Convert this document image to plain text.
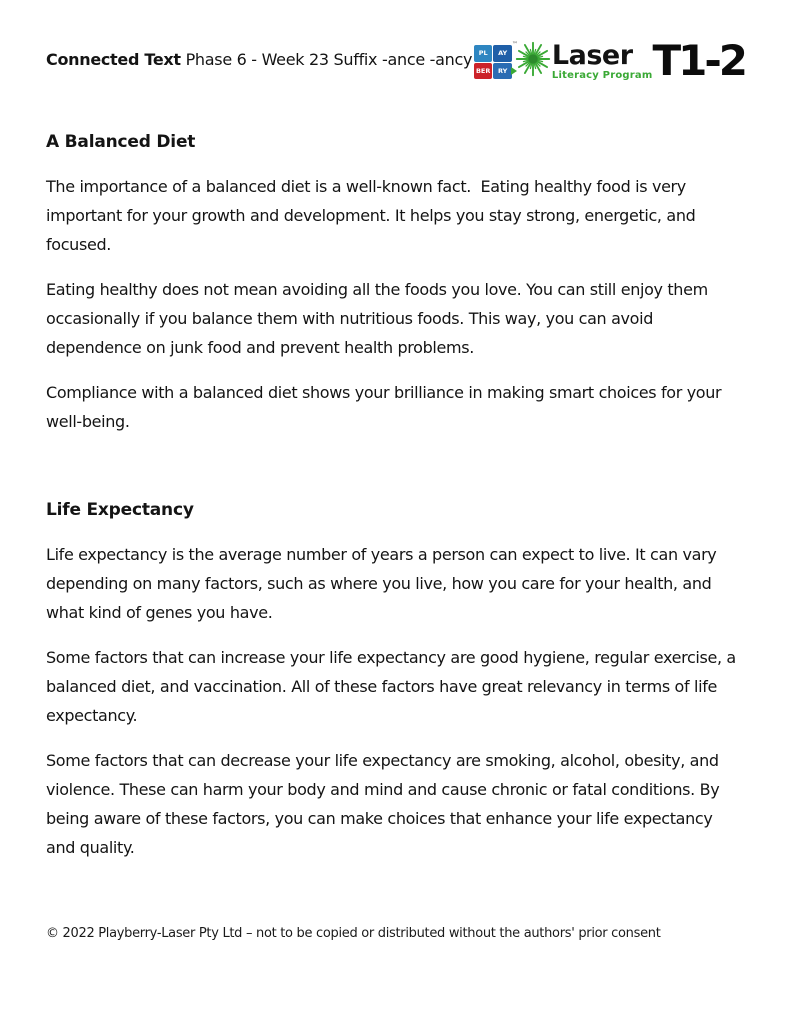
Connected Text Phase 6 - Week 23 Suffix -ance -ancy	PL	AY
BER	RY
™ Laser
Literacy Program T1-2
A Balanced Diet

The importance of a balanced diet is a well-known fact.  Eating healthy food is very important for your growth and development. It helps you stay strong, energetic, and focused.

Eating healthy does not mean avoiding all the foods you love. You can still enjoy them occasionally if you balance them with nutritious foods. This way, you can avoid dependence on junk food and prevent health problems.

Compliance with a balanced diet shows your brilliance in making smart choices for your well-being.

Life Expectancy

Life expectancy is the average number of years a person can expect to live. It can vary depending on many factors, such as where you live, how you care for your health, and what kind of genes you have.

Some factors that can increase your life expectancy are good hygiene, regular exercise, a balanced diet, and vaccination. All of these factors have great relevancy in terms of life expectancy.

Some factors that can decrease your life expectancy are smoking, alcohol, obesity, and violence. These can harm your body and mind and cause chronic or fatal conditions. By being aware of these factors, you can make choices that enhance your life expectancy and quality.

© 2022 Playberry-Laser Pty Ltd – not to be copied or distributed without the authors' prior consent
